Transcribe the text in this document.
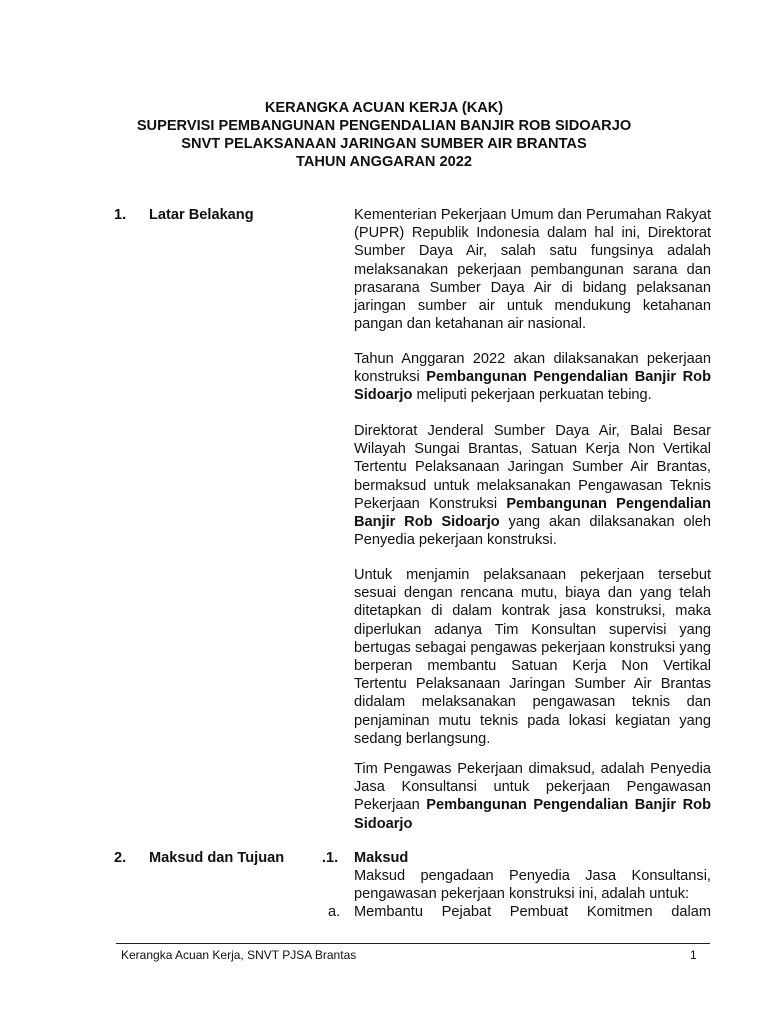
KERANGKA ACUAN KERJA (KAK)
SUPERVISI PEMBANGUNAN PENGENDALIAN BANJIR ROB SIDOARJO
SNVT PELAKSANAAN JARINGAN SUMBER AIR BRANTAS
TAHUN ANGGARAN 2022
1. Latar Belakang	Kementerian Pekerjaan Umum dan Perumahan Rakyat (PUPR) Republik Indonesia dalam hal ini, Direktorat Sumber Daya Air, salah satu fungsinya adalah melaksanakan pekerjaan pembangunan sarana dan prasarana Sumber Daya Air di bidang pelaksanan jaringan sumber air untuk mendukung ketahanan pangan dan ketahanan air nasional.
Tahun Anggaran 2022 akan dilaksanakan pekerjaan konstruksi Pembangunan Pengendalian Banjir Rob Sidoarjo meliputi pekerjaan perkuatan tebing.
Direktorat Jenderal Sumber Daya Air, Balai Besar Wilayah Sungai Brantas, Satuan Kerja Non Vertikal Tertentu Pelaksanaan Jaringan Sumber Air Brantas, bermaksud untuk melaksanakan Pengawasan Teknis Pekerjaan Konstruksi Pembangunan Pengendalian Banjir Rob Sidoarjo yang akan dilaksanakan oleh Penyedia pekerjaan konstruksi.
Untuk menjamin pelaksanaan pekerjaan tersebut sesuai dengan rencana mutu, biaya dan yang telah ditetapkan di dalam kontrak jasa konstruksi, maka diperlukan adanya Tim Konsultan supervisi yang bertugas sebagai pengawas pekerjaan konstruksi yang berperan membantu Satuan Kerja Non Vertikal Tertentu Pelaksanaan Jaringan Sumber Air Brantas didalam melaksanakan pengawasan teknis dan penjaminan mutu teknis pada lokasi kegiatan yang sedang berlangsung.
Tim Pengawas Pekerjaan dimaksud, adalah Penyedia Jasa Konsultansi untuk pekerjaan Pengawasan Pekerjaan Pembangunan Pengendalian Banjir Rob Sidoarjo
2. Maksud dan Tujuan	.1. Maksud
Maksud pengadaan Penyedia Jasa Konsultansi, pengawasan pekerjaan konstruksi ini, adalah untuk:
a. Membantu Pejabat Pembuat Komitmen dalam
Kerangka Acuan Kerja, SNVT PJSA Brantas	1
